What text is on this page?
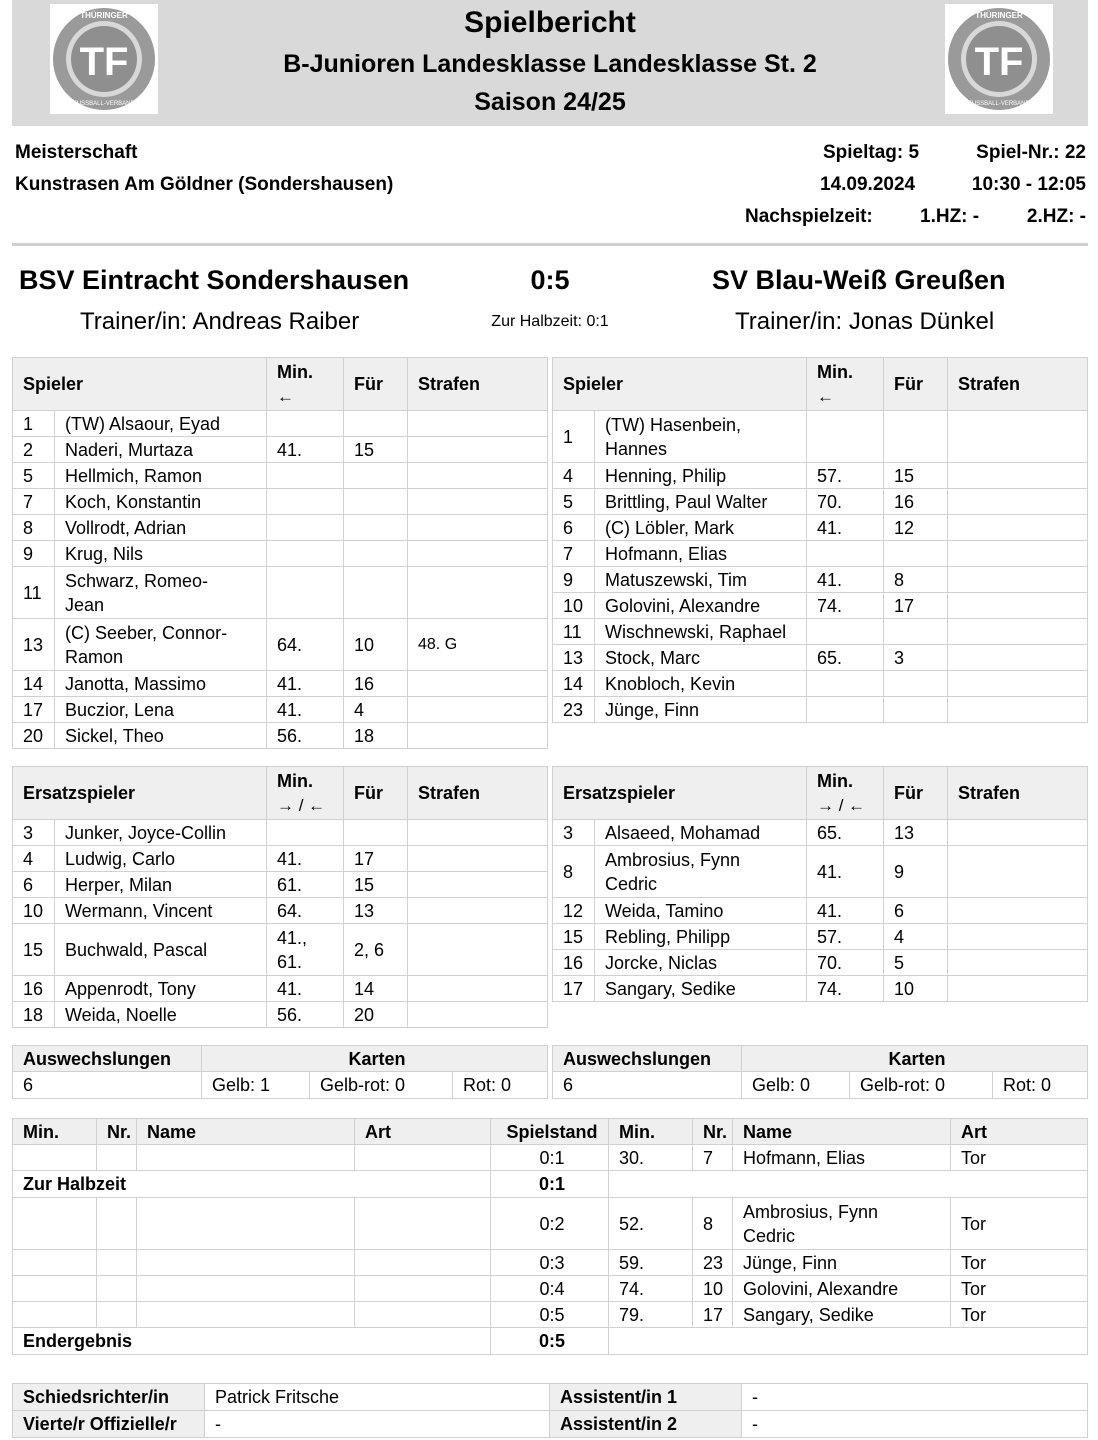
TF
THÜRINGER
FUSSBALL-VERBAND
TF
THÜRINGER
FUSSBALL-VERBAND
Spielbericht
B-Junioren Landesklasse Landesklasse St. 2
Saison 24/25
Meisterschaft
Kunstrasen Am Göldner (Sondershausen)
Spieltag: 5	Spiel-Nr.: 22
14.09.2024	10:30 - 12:05
Nachspielzeit: 1.HZ: -	2.HZ: -
BSV Eintracht Sondershausen	0:5	SV Blau-Weiß Greußen
Trainer/in: Andreas Raiber	Zur Halbzeit: 0:1	Trainer/in: Jonas Dünkel
Spieler		Min.
←	Für	Strafen
1	(TW) Alsaour, Eyad			
2	Naderi, Murtaza	41.	15	
5	Hellmich, Ramon			
7	Koch, Konstantin			
8	Vollrodt, Adrian			
9	Krug, Nils			
11	Schwarz, Romeo-
Jean			
13	(C) Seeber, Connor-
Ramon	64.	10	48. G
14	Janotta, Massimo	41.	16	
17	Buczior, Lena	41.	4	
20	Sickel, Theo	56.	18	
Spieler		Min.
←	Für	Strafen
1	(TW) Hasenbein,
Hannes			
4	Henning, Philip	57.	15	
5	Brittling, Paul Walter	70.	16	
6	(C) Löbler, Mark	41.	12	
7	Hofmann, Elias			
9	Matuszewski, Tim	41.	8	
10	Golovini, Alexandre	74.	17	
11	Wischnewski, Raphael			
13	Stock, Marc	65.	3	
14	Knobloch, Kevin			
23	Jünge, Finn			
Ersatzspieler		Min.
→ / ←	Für	Strafen
3	Junker, Joyce-Collin			
4	Ludwig, Carlo	41.	17	
6	Herper, Milan	61.	15	
10	Wermann, Vincent	64.	13	
15	Buchwald, Pascal	41.,
61.	2, 6	
16	Appenrodt, Tony	41.	14	
18	Weida, Noelle	56.	20	
Ersatzspieler		Min.
→ / ←	Für	Strafen
3	Alsaeed, Mohamad	65.	13	
8	Ambrosius, Fynn
Cedric	41.	9	
12	Weida, Tamino	41.	6	
15	Rebling, Philipp	57.	4	
16	Jorcke, Niclas	70.	5	
17	Sangary, Sedike	74.	10	
Auswechslungen	Karten		
6	Gelb: 1	Gelb-rot: 0	Rot: 0
Auswechslungen	Karten		
6	Gelb: 0	Gelb-rot: 0	Rot: 0
Min.	Nr.	Name	Art	Spielstand	Min.	Nr.	Name	Art
				0:1	30.	7	Hofmann, Elias	Tor
Zur Halbzeit				0:1				
				0:2	52.	8	Ambrosius, Fynn
Cedric	Tor
				0:3	59.	23	Jünge, Finn	Tor
				0:4	74.	10	Golovini, Alexandre	Tor
				0:5	79.	17	Sangary, Sedike	Tor
Endergebnis				0:5				
Schiedsrichter/in	Patrick Fritsche	Assistent/in 1	-
Vierte/r Offizielle/r	-	Assistent/in 2	-
